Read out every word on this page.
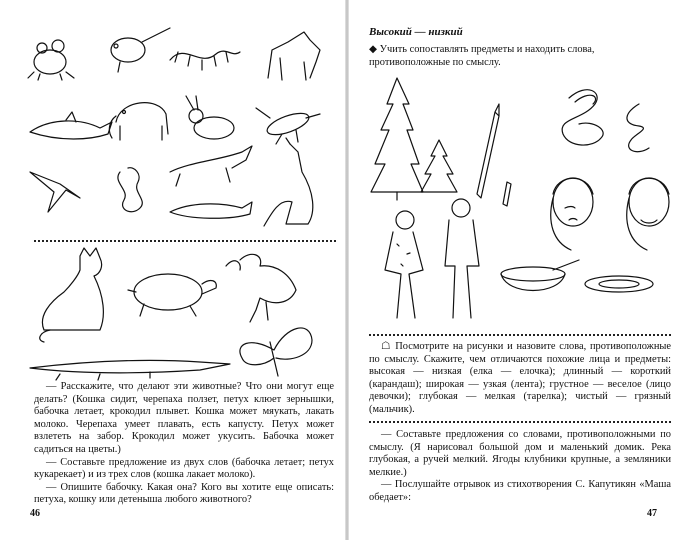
— Расскажите, что делают эти животные? Что они могут еще делать? (Кошка сидит, черепаха ползет, петух клюет зернышки, бабочка летает, крокодил плывет. Кошка может мяукать, лакать молоко. Черепаха умеет плавать, есть капусту. Петух может взлететь на забор. Крокодил может укусить. Бабочка может садиться на цветы.)

— Составьте предложение из двух слов (бабочка летает; петух кукарекает) и из трех слов (кошка лакает молоко).

— Опишите бабочку. Какая она? Кого вы хотите еще описать: петуха, кошку или детеныша любого животного?

46
Высокий — низкий
◆ Учить сопоставлять предметы и находить слова, противоположные по смыслу.

☖ Посмотрите на рисунки и назовите слова, противоположные по смыслу. Скажите, чем отличаются похожие лица и предметы: высокая — низкая (елка — елочка); длинный — короткий (карандаш); широкая — узкая (лента); грустное — веселое (лицо девочки); глубокая — мелкая (тарелка); чистый — грязный (мальчик).

— Составьте предложения со словами, противоположными по смыслу. (Я нарисовал большой дом и маленький домик. Река глубокая, а ручей мелкий. Ягоды клубники крупные, а земляники мелкие.)

— Послушайте отрывок из стихотворения С. Капутикян «Маша обедает»:

47
